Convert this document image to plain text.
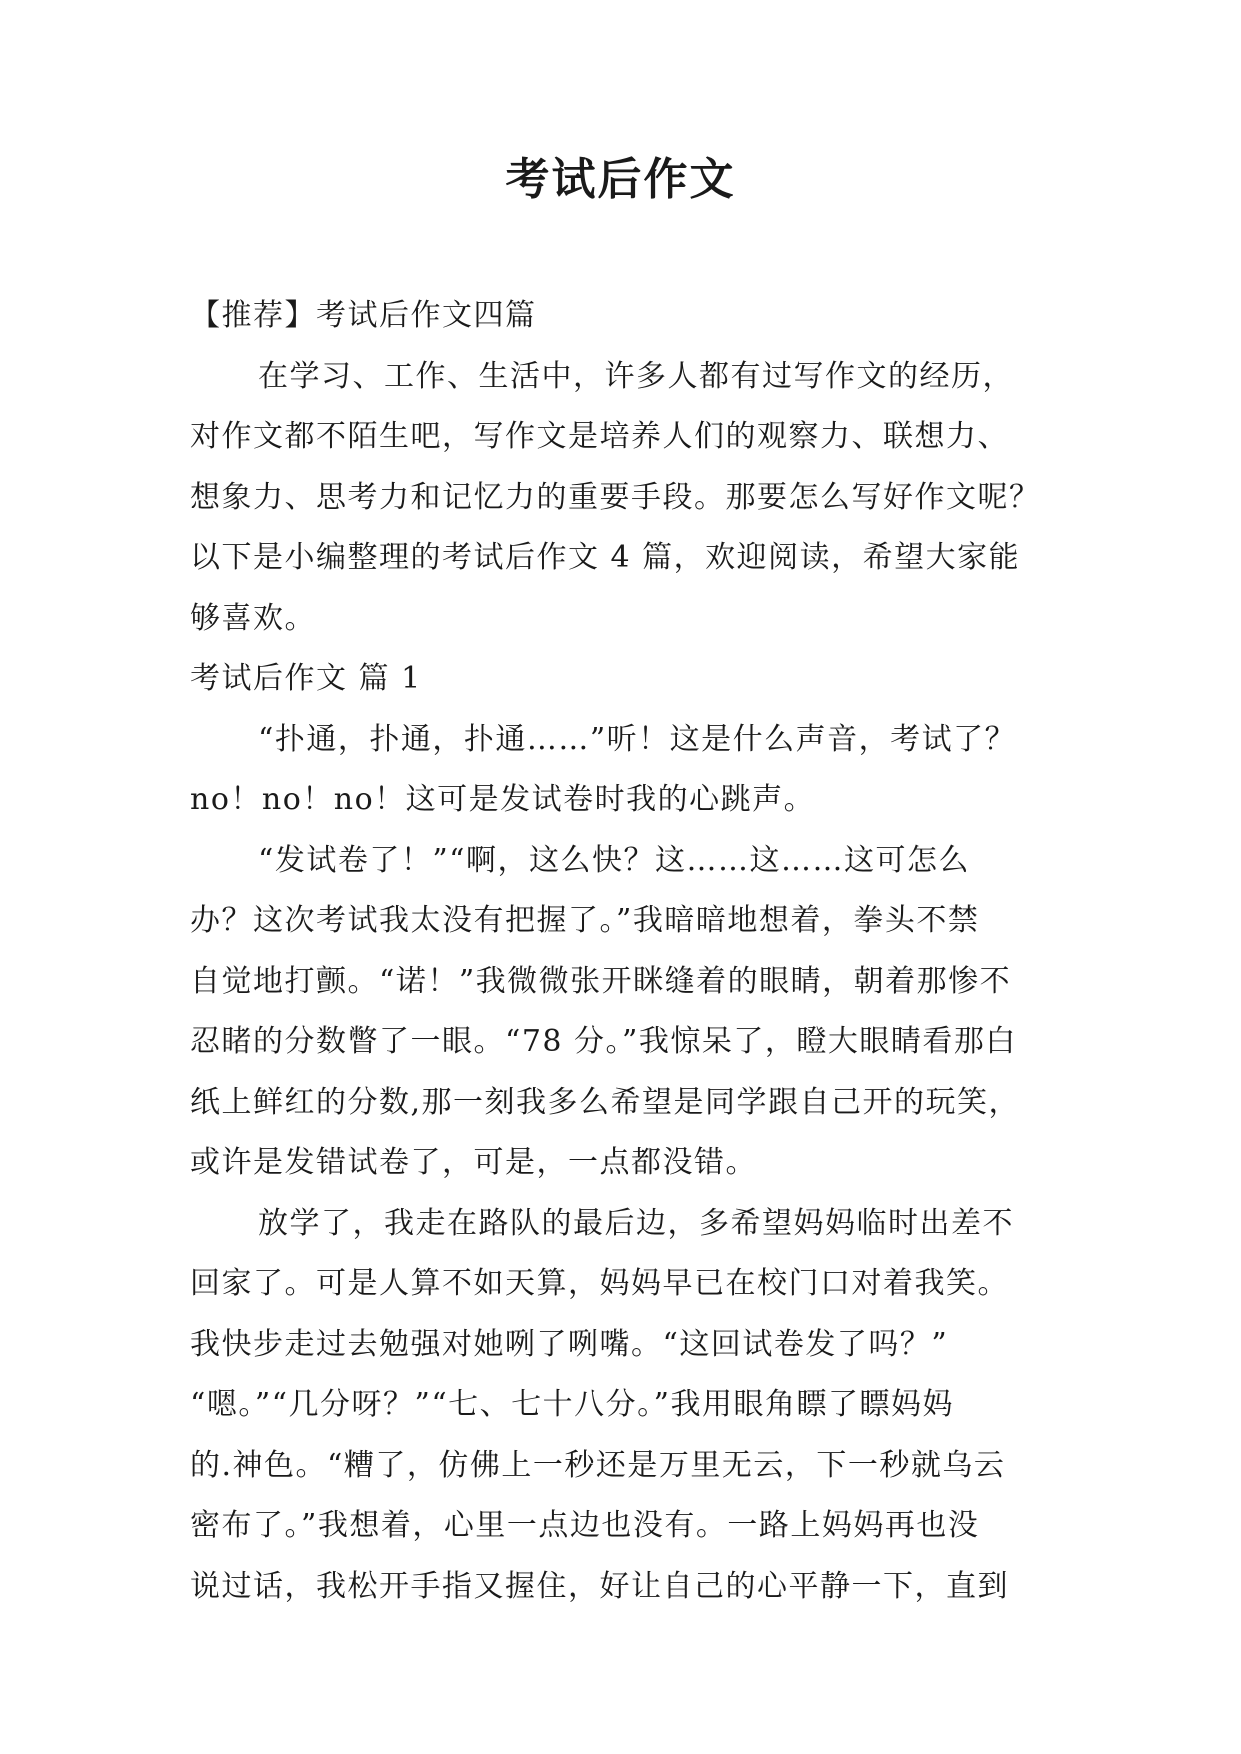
考试后作文
【推荐】考试后作文四篇
在学习、工作、生活中，许多人都有过写作文的经历，
对作文都不陌生吧，写作文是培养人们的观察力、联想力、
想象力、思考力和记忆力的重要手段。那要怎么写好作文呢？
以下是小编整理的考试后作文 4 篇，欢迎阅读，希望大家能
够喜欢。
考试后作文 篇 1
“扑通，扑通，扑通……”听！这是什么声音，考试了？
no！no！no！这可是发试卷时我的心跳声。
“发试卷了！”“啊，这么快？这……这……这可怎么
办？这次考试我太没有把握了。”我暗暗地想着，拳头不禁
自觉地打颤。“诺！”我微微张开眯缝着的眼睛，朝着那惨不
忍睹的分数瞥了一眼。“78 分。”我惊呆了，瞪大眼睛看那白
纸上鲜红的分数,那一刻我多么希望是同学跟自己开的玩笑，
或许是发错试卷了，可是，一点都没错。
放学了，我走在路队的最后边，多希望妈妈临时出差不
回家了。可是人算不如天算，妈妈早已在校门口对着我笑。
我快步走过去勉强对她咧了咧嘴。“这回试卷发了吗？”
“嗯。”“几分呀？”“七、七十八分。”我用眼角瞟了瞟妈妈
的.神色。“糟了，仿佛上一秒还是万里无云，下一秒就乌云
密布了。”我想着，心里一点边也没有。一路上妈妈再也没
说过话，我松开手指又握住，好让自己的心平静一下，直到
